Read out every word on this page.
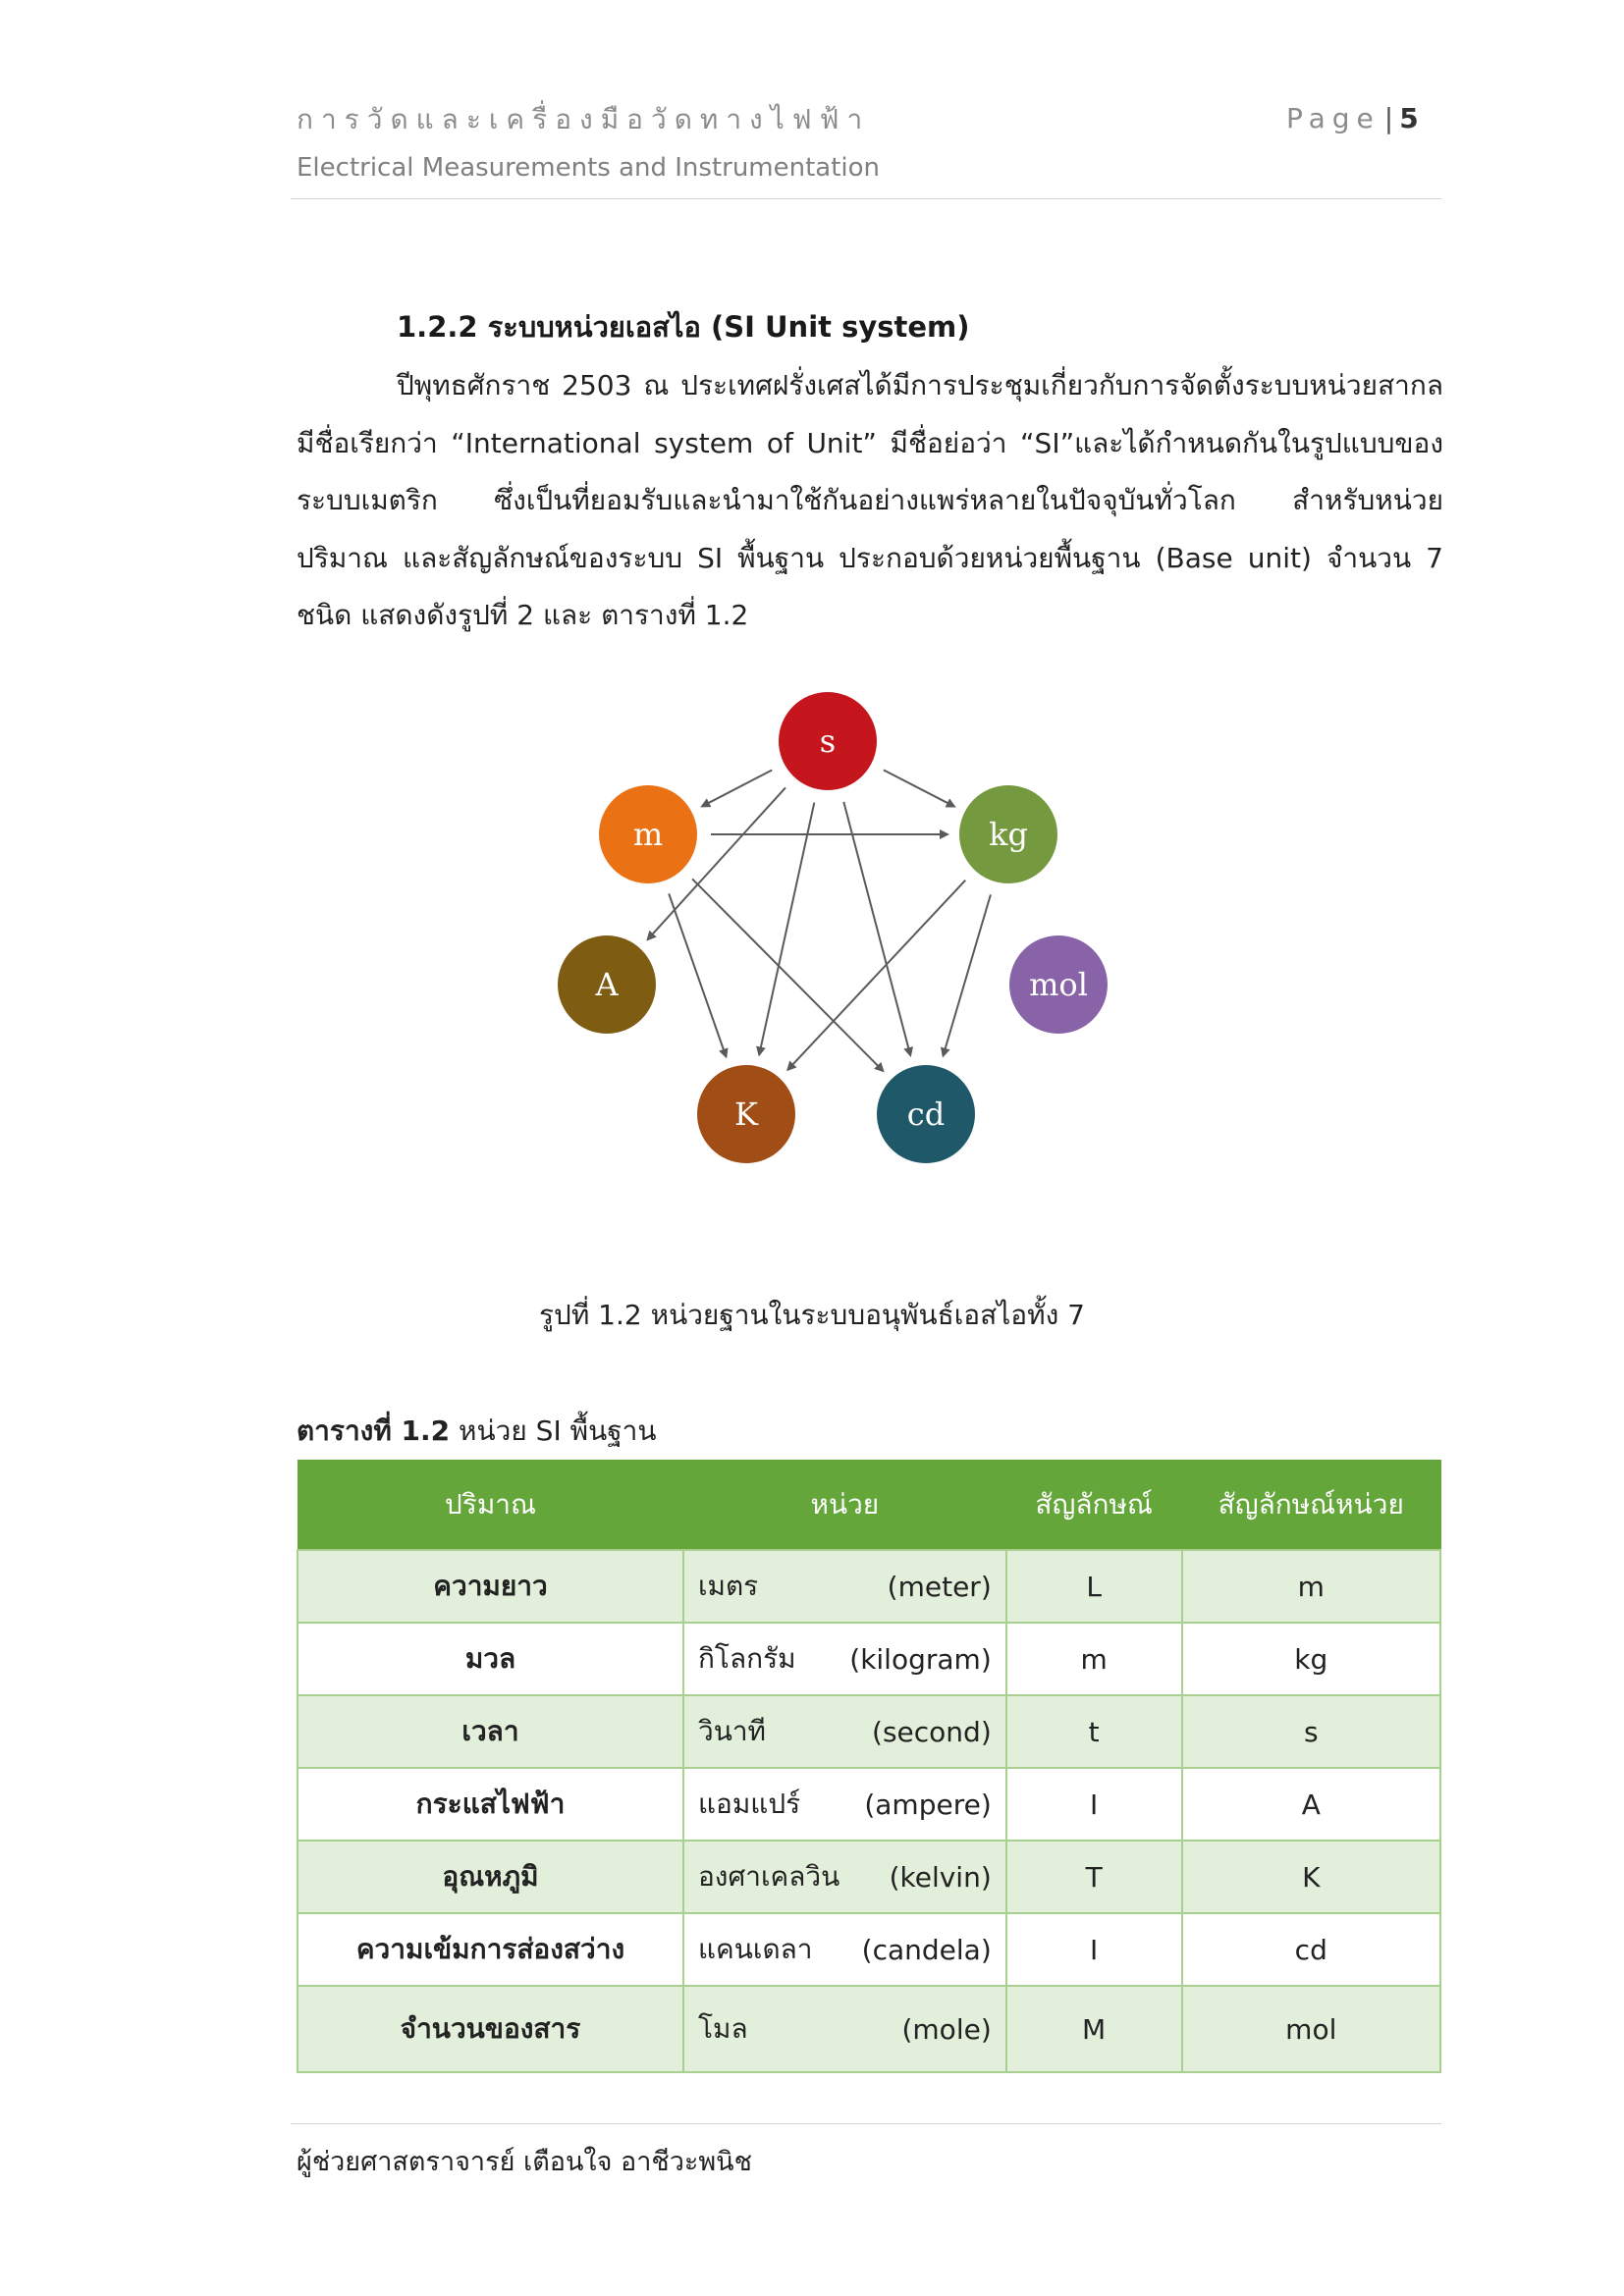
การวัดและเครื่องมือวัดทางไฟฟ้า	Page | 5
Electrical Measurements and Instrumentation
1.2.2 ระบบหน่วยเอสไอ (SI Unit system)
ปีพุทธศักราช 2503 ณ ประเทศฝรั่งเศสได้มีการประชุมเกี่ยวกับการจัดตั้งระบบหน่วยสากลมีชื่อเรียกว่า “International system of Unit” มีชื่อย่อว่า “SI”และได้กำหนดกันในรูปแบบของระบบเมตริก ซึ่งเป็นที่ยอมรับและนำมาใช้กันอย่างแพร่หลายในปัจจุบันทั่วโลก สำหรับหน่วย ปริมาณ และสัญลักษณ์ของระบบ SI พื้นฐาน ประกอบด้วยหน่วยพื้นฐาน (Base unit) จำนวน 7 ชนิด แสดงดังรูปที่ 2 และ ตารางที่ 1.2
s
m	kg
A	mol
K	cd
รูปที่ 1.2 หน่วยฐานในระบบอนุพันธ์เอสไอทั้ง 7
ตารางที่ 1.2 หน่วย SI พื้นฐาน
ปริมาณ	หน่วย	สัญลักษณ์	สัญลักษณ์หน่วย
ความยาว	เมตร (meter)	L	m
มวล	กิโลกรัม (kilogram)	m	kg
เวลา	วินาที (second)	t	s
กระแสไฟฟ้า	แอมแปร์ (ampere)	I	A
อุณหภูมิ	องศาเคลวิน (kelvin)	T	K
ความเข้มการส่องสว่าง	แคนเดลา (candela)	I	cd
จำนวนของสาร	โมล (mole)	M	mol
ผู้ช่วยศาสตราจารย์ เตือนใจ อาชีวะพนิช
